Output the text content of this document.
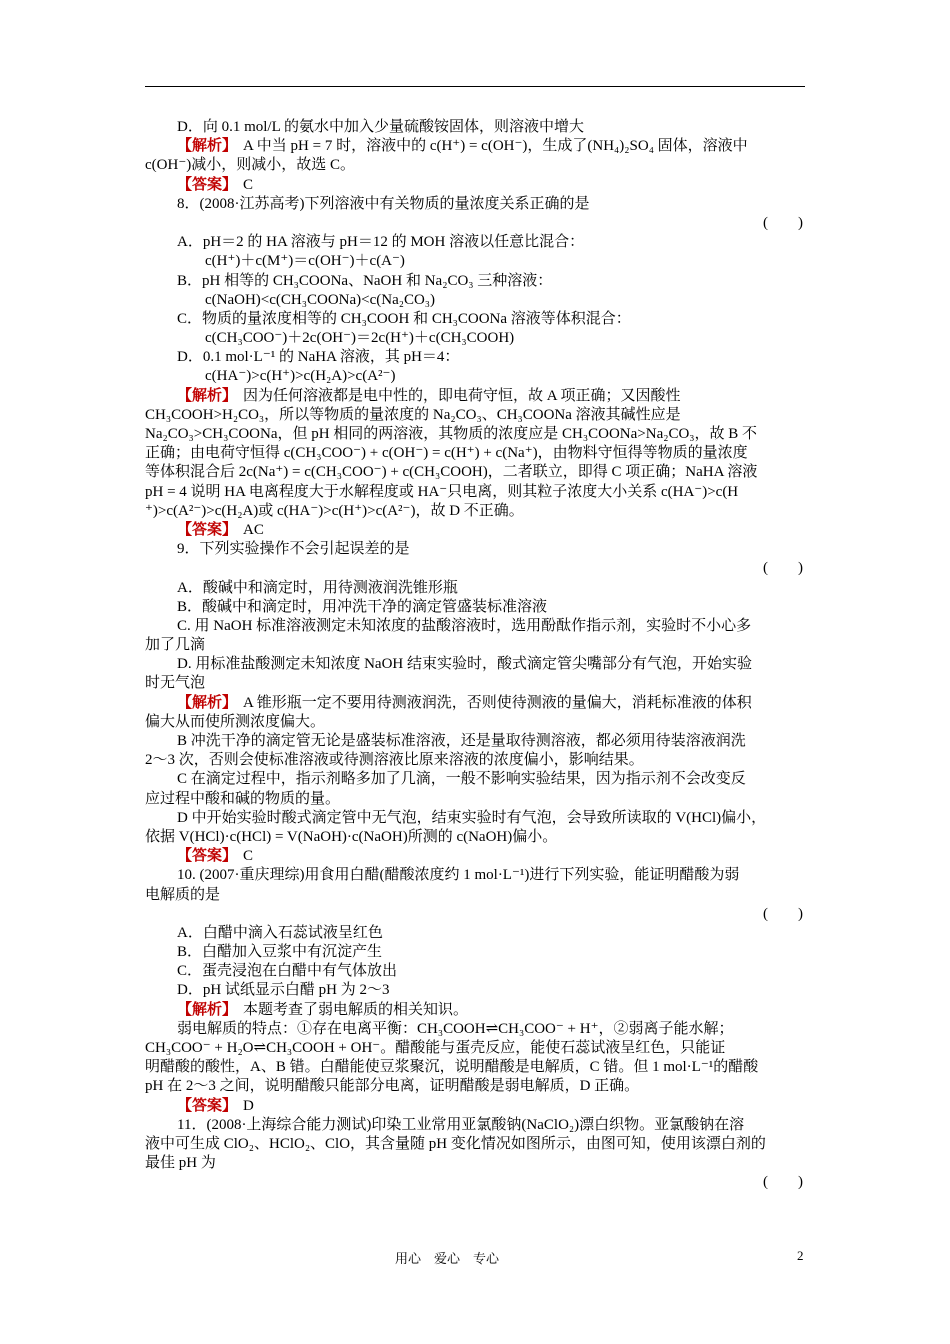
D．向 0.1 mol/L 的氨水中加入少量硫酸铵固体，则溶液中增大
【解析】 A 中当 pH = 7 时，溶液中的 c(H⁺) = c(OH⁻)，生成了(NH₄)₂SO₄ 固体，溶液中
c(OH⁻)减小，则减小，故选 C。
【答案】 C
8．(2008·江苏高考)下列溶液中有关物质的量浓度关系正确的是
(　　)
A．pH＝2 的 HA 溶液与 pH＝12 的 MOH 溶液以任意比混合：
c(H⁺)＋c(M⁺)＝c(OH⁻)＋c(A⁻)
B．pH 相等的 CH₃COONa、NaOH 和 Na₂CO₃ 三种溶液：
c(NaOH)<c(CH₃COONa)<c(Na₂CO₃)
C．物质的量浓度相等的 CH₃COOH 和 CH₃COONa 溶液等体积混合：
c(CH₃COO⁻)＋2c(OH⁻)＝2c(H⁺)＋c(CH₃COOH)
D．0.1 mol·L⁻¹ 的 NaHA 溶液，其 pH＝4：
c(HA⁻)>c(H⁺)>c(H₂A)>c(A²⁻)
【解析】 因为任何溶液都是电中性的，即电荷守恒，故 A 项正确；又因酸性
CH₃COOH>H₂CO₃，所以等物质的量浓度的 Na₂CO₃、CH₃COONa 溶液其碱性应是
Na₂CO₃>CH₃COONa，但 pH 相同的两溶液，其物质的浓度应是 CH₃COONa>Na₂CO₃，故 B 不
正确；由电荷守恒得 c(CH₃COO⁻) + c(OH⁻) = c(H⁺) + c(Na⁺)，由物料守恒得等物质的量浓度
等体积混合后 2c(Na⁺) = c(CH₃COO⁻) + c(CH₃COOH)，二者联立，即得 C 项正确；NaHA 溶液
pH = 4 说明 HA 电离程度大于水解程度或 HA⁻只电离，则其粒子浓度大小关系 c(HA⁻)>c(H
⁺)>c(A²⁻)>c(H₂A)或 c(HA⁻)>c(H⁺)>c(A²⁻)，故 D 不正确。
【答案】 AC
9．下列实验操作不会引起误差的是
(　　)
A．酸碱中和滴定时，用待测液润洗锥形瓶
B．酸碱中和滴定时，用冲洗干净的滴定管盛装标准溶液
C. 用 NaOH 标准溶液测定未知浓度的盐酸溶液时，选用酚酞作指示剂，实验时不小心多
加了几滴
D. 用标准盐酸测定未知浓度 NaOH 结束实验时，酸式滴定管尖嘴部分有气泡，开始实验
时无气泡
【解析】 A 锥形瓶一定不要用待测液润洗，否则使待测液的量偏大，消耗标准液的体积
偏大从而使所测浓度偏大。
B 冲洗干净的滴定管无论是盛装标准溶液，还是量取待测溶液，都必须用待装溶液润洗
2～3 次，否则会使标准溶液或待测溶液比原来溶液的浓度偏小，影响结果。
C 在滴定过程中，指示剂略多加了几滴，一般不影响实验结果，因为指示剂不会改变反
应过程中酸和碱的物质的量。
D 中开始实验时酸式滴定管中无气泡，结束实验时有气泡，会导致所读取的 V(HCl)偏小，
依据 V(HCl)·c(HCl) = V(NaOH)·c(NaOH)所测的 c(NaOH)偏小。
【答案】 C
10. (2007·重庆理综)用食用白醋(醋酸浓度约 1 mol·L⁻¹)进行下列实验，能证明醋酸为弱
电解质的是
(　　)
A．白醋中滴入石蕊试液呈红色
B．白醋加入豆浆中有沉淀产生
C．蛋壳浸泡在白醋中有气体放出
D．pH 试纸显示白醋 pH 为 2～3
【解析】 本题考查了弱电解质的相关知识。
弱电解质的特点：①存在电离平衡：CH₃COOH⇌CH₃COO⁻ + H⁺，②弱离子能水解；
CH₃COO⁻ + H₂O⇌CH₃COOH + OH⁻。醋酸能与蛋壳反应，能使石蕊试液呈红色，只能证
明醋酸的酸性，A、B 错。白醋能使豆浆聚沉，说明醋酸是电解质，C 错。但 1 mol·L⁻¹的醋酸
pH 在 2～3 之间，说明醋酸只能部分电离，证明醋酸是弱电解质，D 正确。
【答案】 D
11．(2008·上海综合能力测试)印染工业常用亚氯酸钠(NaClO₂)漂白织物。亚氯酸钠在溶
液中可生成 ClO₂、HClO₂、ClO，其含量随 pH 变化情况如图所示，由图可知，使用该漂白剂的
最佳 pH 为
(　　)
用心　爱心　专心	2
